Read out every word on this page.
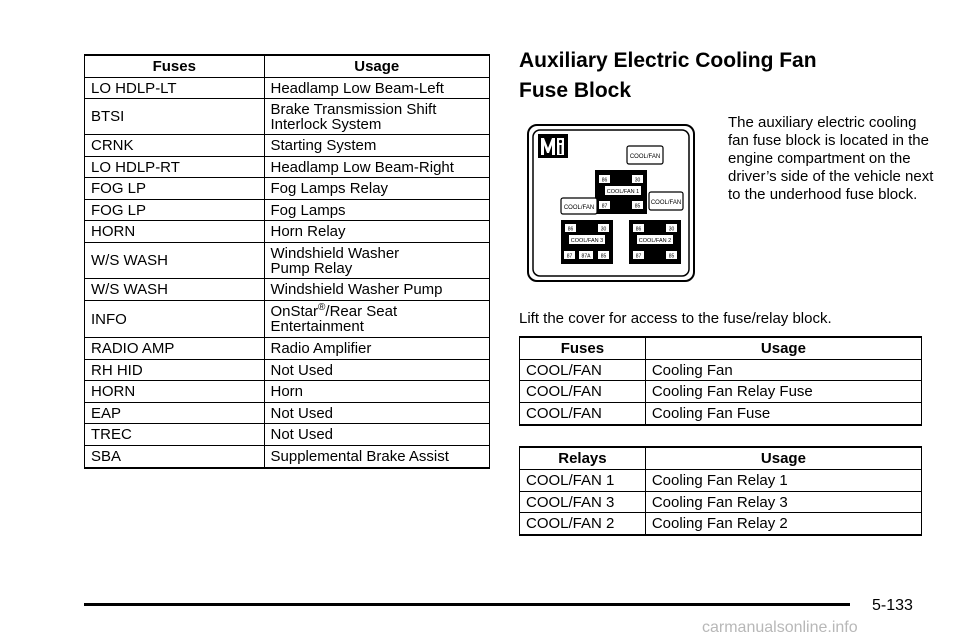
Fuses	Usage
LO HDLP-LT	Headlamp Low Beam-Left
BTSI	Brake Transmission Shift
Interlock System
CRNK	Starting System
LO HDLP-RT	Headlamp Low Beam-Right
FOG LP	Fog Lamps Relay
FOG LP	Fog Lamps
HORN	Horn Relay
W/S WASH	Windshield Washer
Pump Relay
W/S WASH	Windshield Washer Pump
INFO	OnStar®/Rear Seat
Entertainment
RADIO AMP	Radio Amplifier
RH HID	Not Used
HORN	Horn
EAP	Not Used
TREC	Not Used
SBA	Supplemental Brake Assist
Auxiliary Electric Cooling Fan
Fuse Block
COOL/FAN
86	30
COOL/FAN 1
87	85
COOL/FAN
COOL/FAN
86	30
COOL/FAN 3
87 87A 85
86	30
COOL/FAN 2
87	85
The auxiliary electric cooling fan fuse block is located in the engine compartment on the driver’s side of the vehicle next to the underhood fuse block.
Lift the cover for access to the fuse/relay block.
Fuses	Usage
COOL/FAN	Cooling Fan
COOL/FAN	Cooling Fan Relay Fuse
COOL/FAN	Cooling Fan Fuse
Relays	Usage
COOL/FAN 1	Cooling Fan Relay 1
COOL/FAN 3	Cooling Fan Relay 3
COOL/FAN 2	Cooling Fan Relay 2
5-133
carmanualsonline.info
